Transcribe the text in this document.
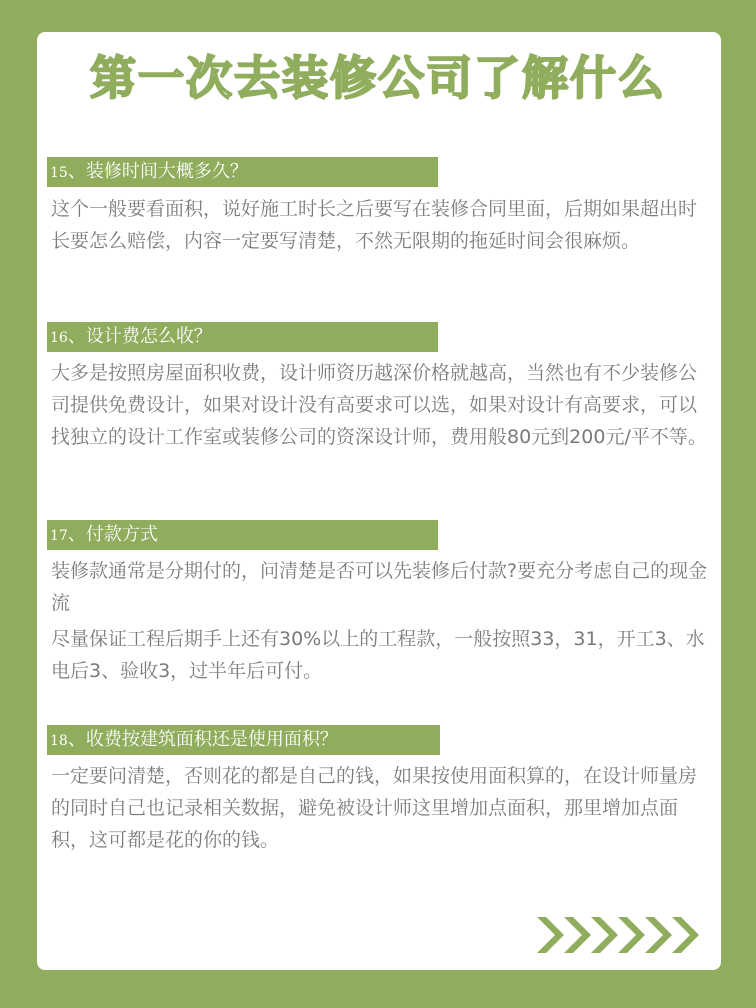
第一次去装修公司了解什么
15、装修时间大概多久？
这个一般要看面积，说好施工时长之后要写在装修合同里面，后期如果超出时长要怎么赔偿，内容一定要写清楚，不然无限期的拖延时间会很麻烦。
16、设计费怎么收？
大多是按照房屋面积收费，设计师资历越深价格就越高，当然也有不少装修公司提供免费设计，如果对设计没有高要求可以选，如果对设计有高要求，可以找独立的设计工作室或装修公司的资深设计师，费用般80元到200元/平不等。
17、付款方式
装修款通常是分期付的，问清楚是否可以先装修后付款?要充分考虑自己的现金流
尽量保证工程后期手上还有30%以上的工程款，一般按照33，31，开工3、水电后3、验收3，过半年后可付。
18、收费按建筑面积还是使用面积？
一定要问清楚，否则花的都是自己的钱，如果按使用面积算的，在设计师量房的同时自己也记录相关数据，避免被设计师这里增加点面积，那里增加点面积，这可都是花的你的钱。
